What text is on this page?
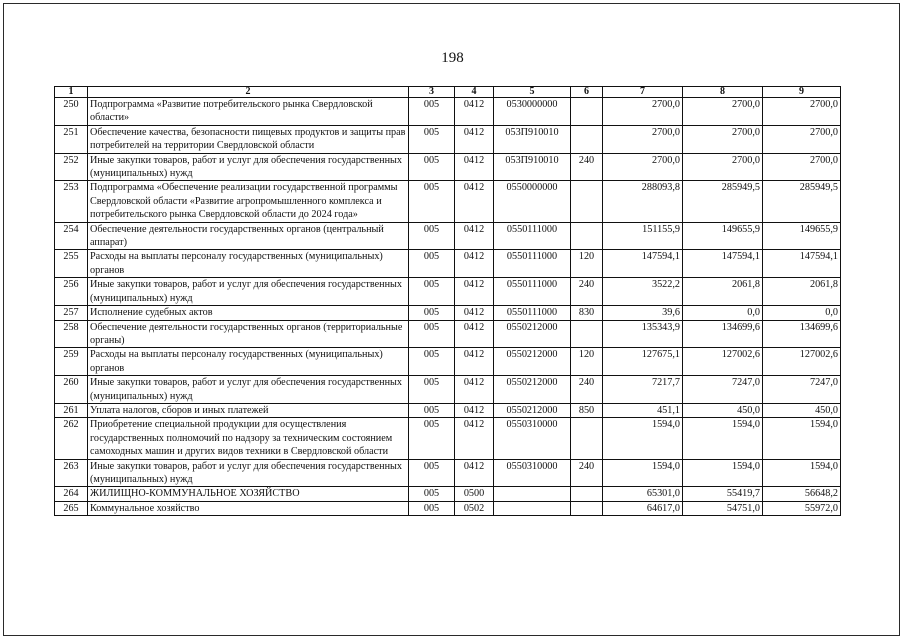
198
1	2	3	4	5	6	7	8	9
250	Подпрограмма «Развитие потребительского рынка Свердловской области»	005	0412	0530000000		2700,0	2700,0	2700,0
251	Обеспечение качества, безопасности пищевых продуктов и защиты прав потребителей на территории Свердловской области	005	0412	053П910010		2700,0	2700,0	2700,0
252	Иные закупки товаров, работ и услуг для обеспечения государственных (муниципальных) нужд	005	0412	053П910010	240	2700,0	2700,0	2700,0
253	Подпрограмма «Обеспечение реализации государственной программы Свердловской области «Развитие агропромышленного комплекса и потребительского рынка Свердловской области до 2024 года»	005	0412	0550000000		288093,8	285949,5	285949,5
254	Обеспечение деятельности государственных органов (центральный аппарат)	005	0412	0550111000		151155,9	149655,9	149655,9
255	Расходы на выплаты персоналу государственных (муниципальных) органов	005	0412	0550111000	120	147594,1	147594,1	147594,1
256	Иные закупки товаров, работ и услуг для обеспечения государственных (муниципальных) нужд	005	0412	0550111000	240	3522,2	2061,8	2061,8
257	Исполнение судебных актов	005	0412	0550111000	830	39,6	0,0	0,0
258	Обеспечение деятельности государственных органов (территориальные органы)	005	0412	0550212000		135343,9	134699,6	134699,6
259	Расходы на выплаты персоналу государственных (муниципальных) органов	005	0412	0550212000	120	127675,1	127002,6	127002,6
260	Иные закупки товаров, работ и услуг для обеспечения государственных (муниципальных) нужд	005	0412	0550212000	240	7217,7	7247,0	7247,0
261	Уплата налогов, сборов и иных платежей	005	0412	0550212000	850	451,1	450,0	450,0
262	Приобретение специальной продукции для осуществления государственных полномочий по надзору за техническим состоянием самоходных машин и других видов техники в Свердловской области	005	0412	0550310000		1594,0	1594,0	1594,0
263	Иные закупки товаров, работ и услуг для обеспечения государственных (муниципальных) нужд	005	0412	0550310000	240	1594,0	1594,0	1594,0
264	ЖИЛИЩНО-КОММУНАЛЬНОЕ ХОЗЯЙСТВО	005	0500			65301,0	55419,7	56648,2
265	Коммунальное хозяйство	005	0502			64617,0	54751,0	55972,0
